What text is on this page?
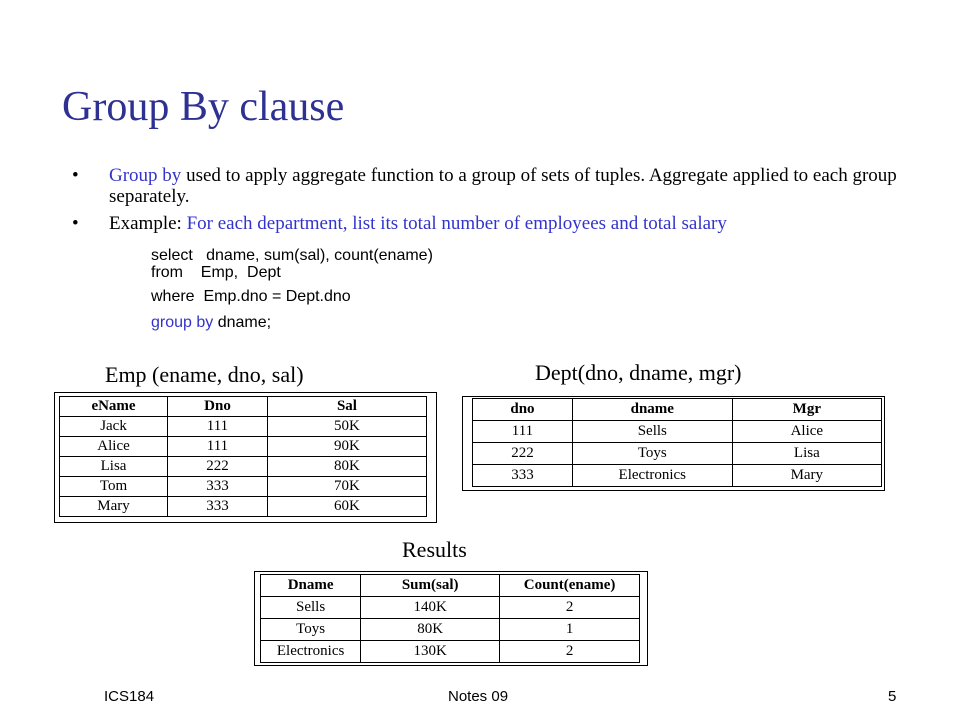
Group By clause
•	Group by used to apply aggregate function to a group of sets of tuples. Aggregate applied to each group separately.
•	Example: For each department, list its total number of employees and total salary
select   dname, sum(sal), count(ename)
from    Emp,  Dept
where  Emp.dno = Dept.dno
group by dname;
Emp (ename, dno, sal)
eName	Dno	Sal
Jack	111	50K
Alice	111	90K
Lisa	222	80K
Tom	333	70K
Mary	333	60K
Dept(dno, dname, mgr)
dno	dname	Mgr
111	Sells	Alice
222	Toys	Lisa
333	Electronics	Mary
Results
Dname	Sum(sal)	Count(ename)
Sells	140K	2
Toys	80K	1
Electronics	130K	2
ICS184	Notes 09	5
